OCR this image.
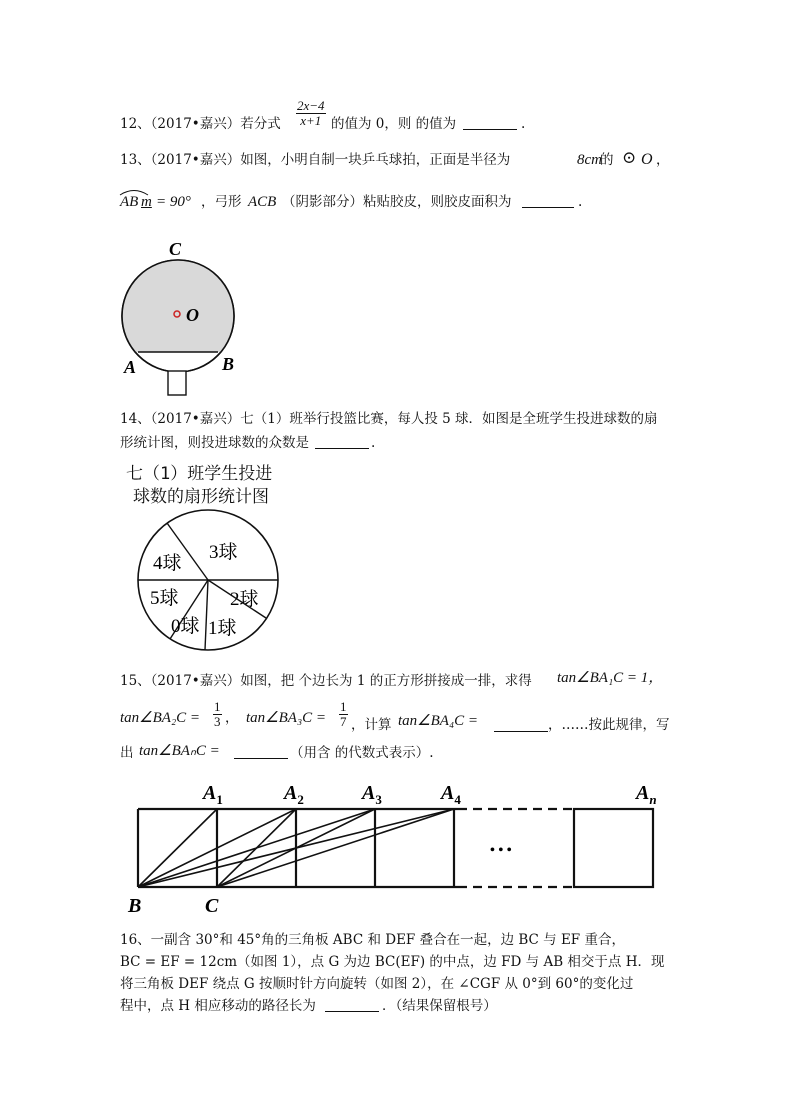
12、（2017•嘉兴）若分式 $\frac{2x-4}{x+1}$ 的值为 0，则 的值为	.
13、（2017•嘉兴）如图，小明自制一块乒乓球拍，正面是半径为	8cm
的 ⊙ O ，
AB m = 90° ，弓形 ACB （阴影部分）粘贴胶皮，则胶皮面积为	.
C
O
A	B
14、（2017•嘉兴）七（1）班举行投篮比赛，每人投 5 球．如图是全班学生投进球数的扇
形统计图，则投进球数的众数是	.
七（1）班学生投进
球数的扇形统计图
3球
2球
1球
0球
5球
4球
15、（2017•嘉兴）如图，把 个边长为 1 的正方形拼接成一排，求得 tan∠BA₁C = 1，
tan∠BA₂C = $\frac{1}{3}$ ， tan∠BA₃C = $\frac{1}{7}$ ，计算 tan∠BA₄C =	，……按此规律，写
出 tan∠BAₙC =	（用含 的代数式表示）.
• • •
$A_1$	$A_2$	$A_3$	$A_4$	$A_n$
B	C
16、一副含 30°和 45°角的三角板 ABC 和 DEF 叠合在一起，边 BC 与 EF 重合，
BC = EF = 12cm（如图 1），点 G 为边 BC(EF) 的中点，边 FD 与 AB 相交于点 H．现
将三角板 DEF 绕点 G 按顺时针方向旋转（如图 2），在 ∠CGF 从 0°到 60°的变化过
程中，点 H 相应移动的路径长为	．（结果保留根号）
